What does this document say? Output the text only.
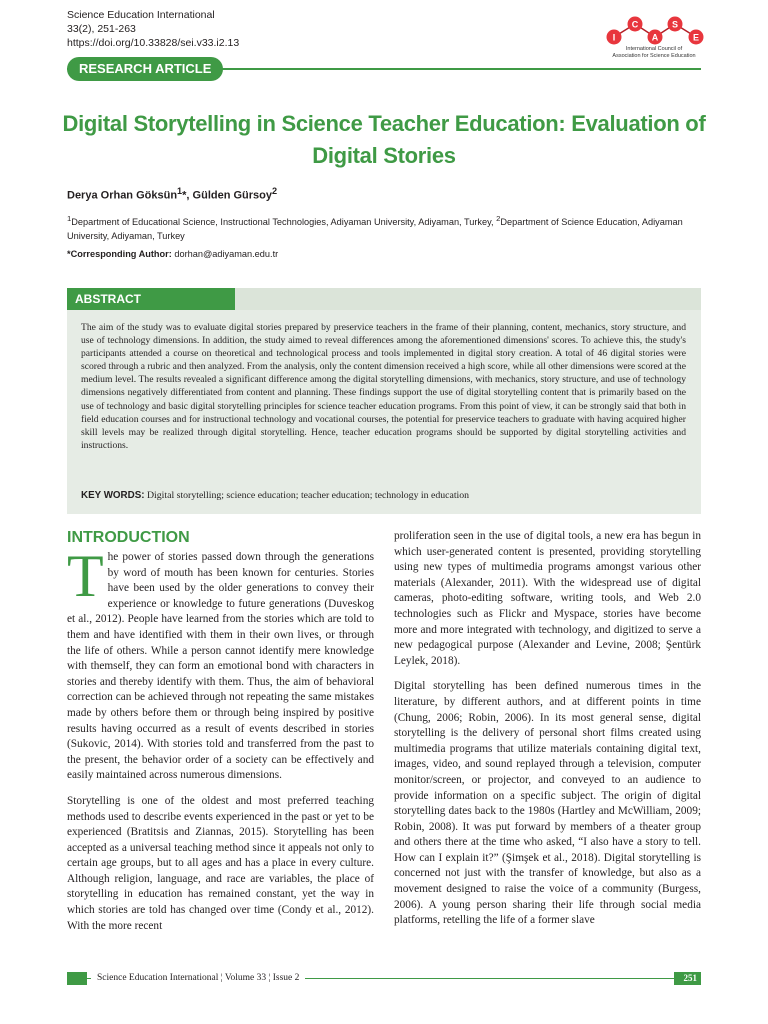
Science Education International
33(2), 251-263
https://doi.org/10.33828/sei.v33.i2.13	I
C
A
S
E
International Council of
Association for Science Education
RESEARCH ARTICLE
Digital Storytelling in Science Teacher Education: Evaluation of
Digital Stories
Derya Orhan Göksün$^1$*, Gülden Gürsoy$^2$
$^1$Department of Educational Science, Instructional Technologies, Adiyaman University, Adiyaman, Turkey, $^2$Department of Science Education, Adiyaman University, Adiyaman, Turkey
*Corresponding Author: dorhan@adiyaman.edu.tr
ABSTRACT

The aim of the study was to evaluate digital stories prepared by preservice teachers in the frame of their planning, content, mechanics, story structure, and use of technology dimensions. In addition, the study aimed to reveal differences among the aforementioned dimensions' scores. To achieve this, the study's participants attended a course on theoretical and technological process and tools implemented in digital story creation. A total of 46 digital stories were scored through a rubric and then analyzed. From the analysis, only the content dimension received a high score, while all other dimensions were scored at the medium level. The results revealed a significant difference among the digital storytelling dimensions, with mechanics, story structure, and use of technology dimensions negatively differentiated from content and planning. These findings support the use of digital storytelling content that is primarily based on the use of technology and basic digital storytelling principles for science teacher education programs. From this point of view, it can be strongly said that both in field education courses and for instructional technology and vocational courses, the potential for preservice teachers to graduate with having acquired higher skill levels may be realized through digital storytelling. Hence, teacher education programs should be supported by digital storytelling activities and instructions.

KEY WORDS: Digital storytelling; science education; teacher education; technology in education
INTRODUCTION

The power of stories passed down through the generations by word of mouth has been known for centuries. Stories have been used by the older generations to convey their experience or knowledge to future generations (Duveskog et al., 2012). People have learned from the stories which are told to them and have identified with them in their own lives, or through the life of others. While a person cannot identify mere knowledge with themself, they can form an emotional bond with characters in stories and thereby identify with them. Thus, the aim of behavioral correction can be achieved through not repeating the same mistakes made by others before them or through being inspired by positive results having occurred as a result of events described in stories (Sukovic, 2014). With stories told and transferred from the past to the present, the behavior order of a society can be effectively and easily maintained across numerous dimensions.

Storytelling is one of the oldest and most preferred teaching methods used to describe events experienced in the past or yet to be experienced (Bratitsis and Ziannas, 2015). Storytelling has been accepted as a universal teaching method since it appeals not only to certain age groups, but to all ages and has a place in every culture. Although religion, language, and race are variables, the place of storytelling in education has remained constant, yet the way in which stories are told has changed over time (Condy et al., 2012). With the more recent

proliferation seen in the use of digital tools, a new era has begun in which user-generated content is presented, providing storytelling using new types of multimedia programs amongst various other materials (Alexander, 2011). With the widespread use of digital cameras, photo-editing software, writing tools, and Web 2.0 technologies such as Flickr and Myspace, stories have become more and more integrated with technology, and digitized to serve a new pedagogical purpose (Alexander and Levine, 2008; Şentürk Leylek, 2018).

Digital storytelling has been defined numerous times in the literature, by different authors, and at different points in time (Chung, 2006; Robin, 2006). In its most general sense, digital storytelling is the delivery of personal short films created using multimedia programs that utilize materials containing digital text, images, video, and sound replayed through a television, computer monitor/screen, or projector, and conveyed to an audience to provide information on a specific subject. The origin of digital storytelling dates back to the 1980s (Hartley and McWilliam, 2009; Robin, 2008). It was put forward by members of a theater group and others there at the time who asked, “I also have a story to tell. How can I explain it?” (Şimşek et al., 2018). Digital storytelling is concerned not just with the transfer of knowledge, but also as a movement designed to raise the voice of a community (Burgess, 2006). A young person sharing their life through social media platforms, retelling the life of a former slave

Science Education International ¦ Volume 33 ¦ Issue 2	251
